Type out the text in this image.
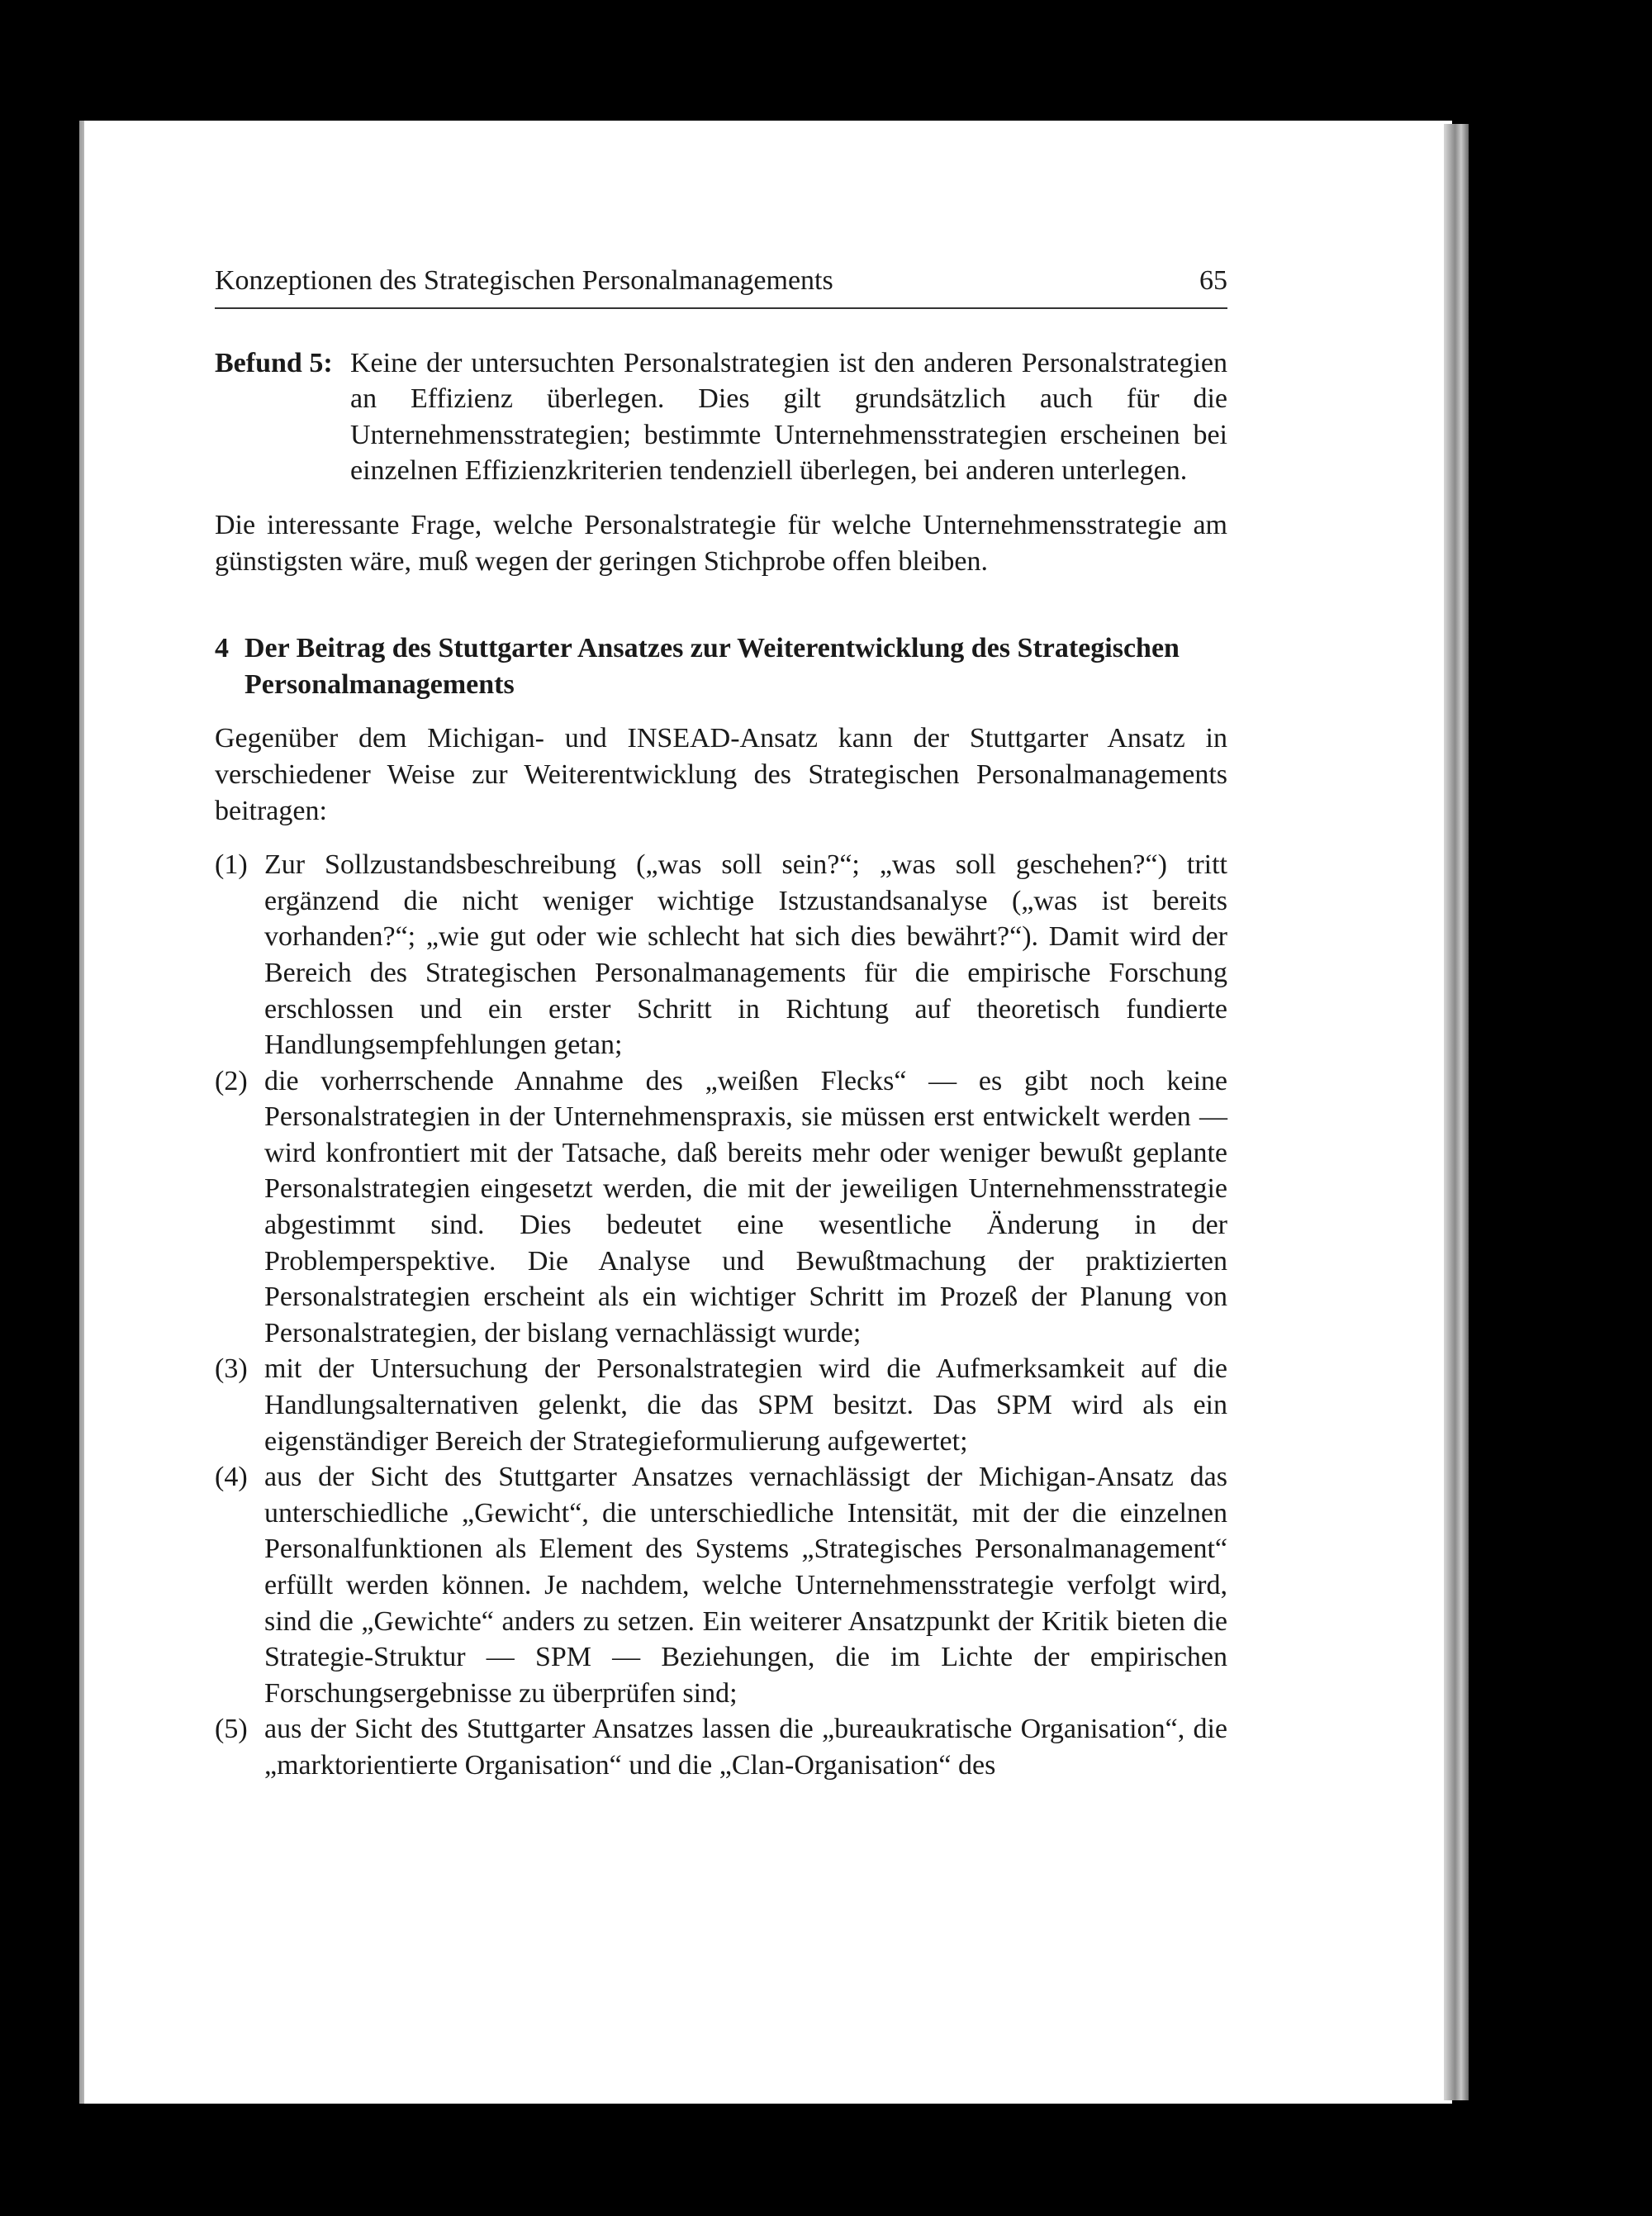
Konzeptionen des Strategischen Personalmanagements	65
Befund 5: Keine der untersuchten Personalstrategien ist den anderen Personalstrategien an Effizienz überlegen. Dies gilt grundsätzlich auch für die Unternehmensstrategien; bestimmte Unternehmensstrategien erscheinen bei einzelnen Effizienzkriterien tendenziell überlegen, bei anderen unterlegen.

Die interessante Frage, welche Personalstrategie für welche Unternehmensstrategie am günstigsten wäre, muß wegen der geringen Stichprobe offen bleiben.

4 Der Beitrag des Stuttgarter Ansatzes zur Weiterentwicklung des Strategischen Personalmanagements

Gegenüber dem Michigan- und INSEAD-Ansatz kann der Stuttgarter Ansatz in verschiedener Weise zur Weiterentwicklung des Strategischen Personalmanagements beitragen:

(1) Zur Sollzustandsbeschreibung („was soll sein?“; „was soll geschehen?“) tritt ergänzend die nicht weniger wichtige Istzustandsanalyse („was ist bereits vorhanden?“; „wie gut oder wie schlecht hat sich dies bewährt?“). Damit wird der Bereich des Strategischen Personalmanagements für die empirische Forschung erschlossen und ein erster Schritt in Richtung auf theoretisch fundierte Handlungsempfehlungen getan;
(2) die vorherrschende Annahme des „weißen Flecks“ — es gibt noch keine Personalstrategien in der Unternehmenspraxis, sie müssen erst entwickelt werden — wird konfrontiert mit der Tatsache, daß bereits mehr oder weniger bewußt geplante Personalstrategien eingesetzt werden, die mit der jeweiligen Unternehmensstrategie abgestimmt sind. Dies bedeutet eine wesentliche Änderung in der Problemperspektive. Die Analyse und Bewußtmachung der praktizierten Personalstrategien erscheint als ein wichtiger Schritt im Prozeß der Planung von Personalstrategien, der bislang vernachlässigt wurde;
(3) mit der Untersuchung der Personalstrategien wird die Aufmerksamkeit auf die Handlungsalternativen gelenkt, die das SPM besitzt. Das SPM wird als ein eigenständiger Bereich der Strategieformulierung aufgewertet;
(4) aus der Sicht des Stuttgarter Ansatzes vernachlässigt der Michigan-Ansatz das unterschiedliche „Gewicht“, die unterschiedliche Intensität, mit der die einzelnen Personalfunktionen als Element des Systems „Strategisches Personalmanagement“ erfüllt werden können. Je nachdem, welche Unternehmensstrategie verfolgt wird, sind die „Gewichte“ anders zu setzen. Ein weiterer Ansatzpunkt der Kritik bieten die Strategie-Struktur — SPM — Beziehungen, die im Lichte der empirischen Forschungsergebnisse zu überprüfen sind;
(5) aus der Sicht des Stuttgarter Ansatzes lassen die „bureaukratische Organisation“, die „marktorientierte Organisation“ und die „Clan-Organisation“ des
